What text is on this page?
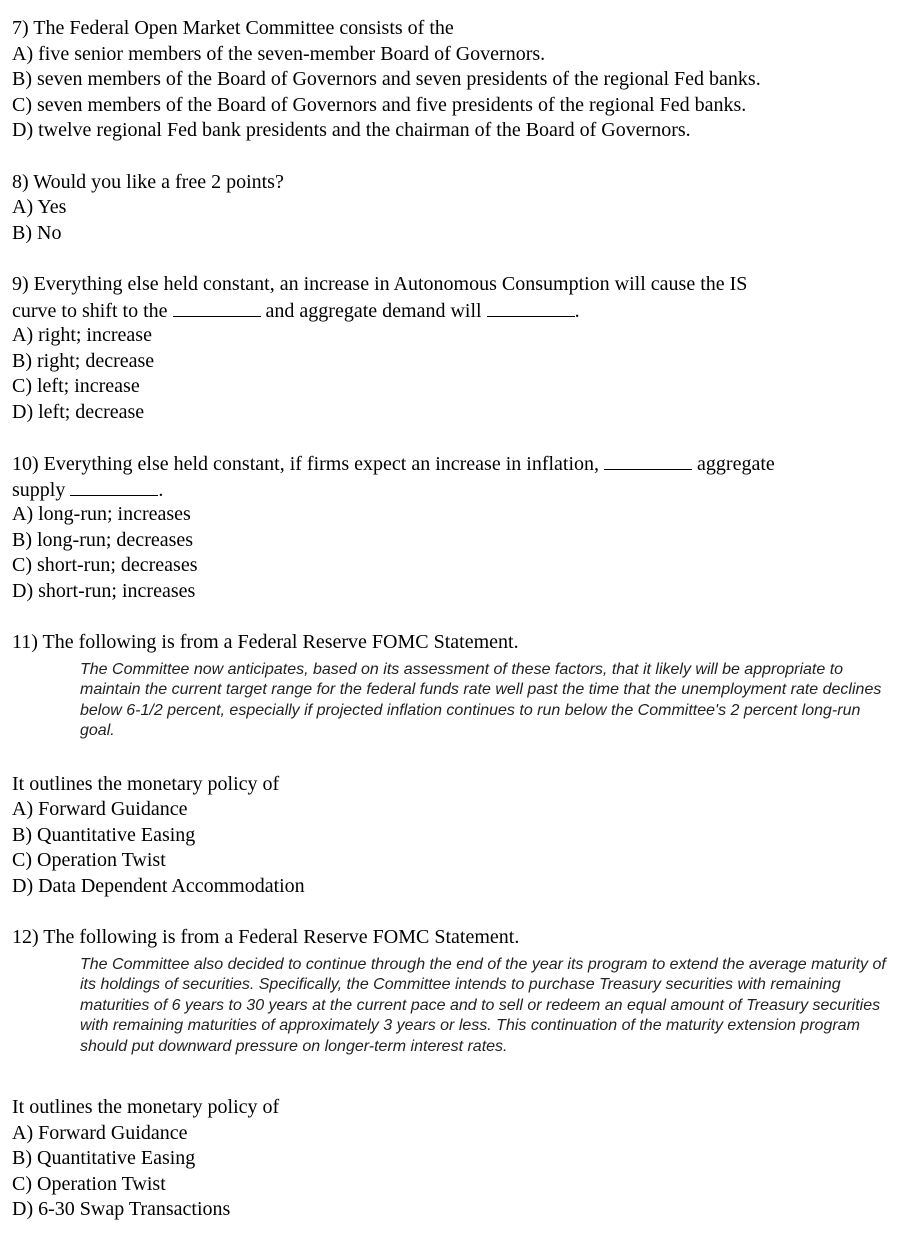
7) The Federal Open Market Committee consists of the
A) five senior members of the seven-member Board of Governors.
B) seven members of the Board of Governors and seven presidents of the regional Fed banks.
C) seven members of the Board of Governors and five presidents of the regional Fed banks.
D) twelve regional Fed bank presidents and the chairman of the Board of Governors.
8) Would you like a free 2 points?
A) Yes
B) No
9) Everything else held constant, an increase in Autonomous Consumption will cause the IS
curve to shift to the	and aggregate demand will	.
A) right; increase
B) right; decrease
C) left; increase
D) left; decrease
10) Everything else held constant, if firms expect an increase in inflation,	aggregate
supply	.
A) long-run; increases
B) long-run; decreases
C) short-run; decreases
D) short-run; increases
11) The following is from a Federal Reserve FOMC Statement.
The Committee now anticipates, based on its assessment of these factors, that it likely will be appropriate to maintain the current target range for the federal funds rate well past the time that the unemployment rate declines below 6-1/2 percent, especially if projected inflation continues to run below the Committee's 2 percent long-run goal.
It outlines the monetary policy of
A) Forward Guidance
B) Quantitative Easing
C) Operation Twist
D) Data Dependent Accommodation
12) The following is from a Federal Reserve FOMC Statement.
The Committee also decided to continue through the end of the year its program to extend the average maturity of its holdings of securities. Specifically, the Committee intends to purchase Treasury securities with remaining maturities of 6 years to 30 years at the current pace and to sell or redeem an equal amount of Treasury securities with remaining maturities of approximately 3 years or less. This continuation of the maturity extension program should put downward pressure on longer-term interest rates.
It outlines the monetary policy of
A) Forward Guidance
B) Quantitative Easing
C) Operation Twist
D) 6-30 Swap Transactions
